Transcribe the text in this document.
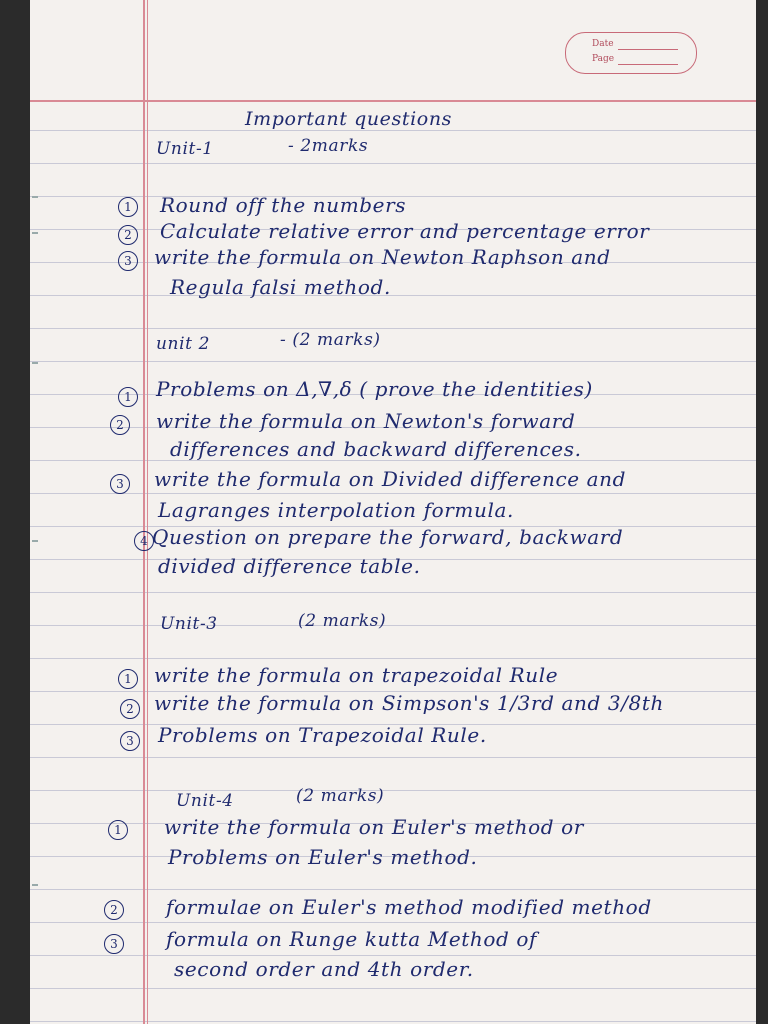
Date
Page

Important questions

Unit-1	- 2marks

1	Round off the numbers

2	Calculate relative error and percentage error

3	write the formula on Newton Raphson and

Regula falsi method.

unit 2	- (2 marks)

1	Problems on Δ,∇,δ ( prove the identities)

2	write the formula on Newton's forward

differences and backward differences.

3	write the formula on Divided difference and

Lagranges interpolation formula.

4 Question on prepare the forward, backward

divided difference table.

Unit-3	(2 marks)

1	write the formula on trapezoidal Rule

2	write the formula on Simpson's 1/3rd and 3/8th

3	Problems on Trapezoidal Rule.

Unit-4	(2 marks)

1	write the formula on Euler's method or

Problems on Euler's method.

2	formulae on Euler's method modified method

3	formula on Runge kutta Method of

second order and 4th order.
